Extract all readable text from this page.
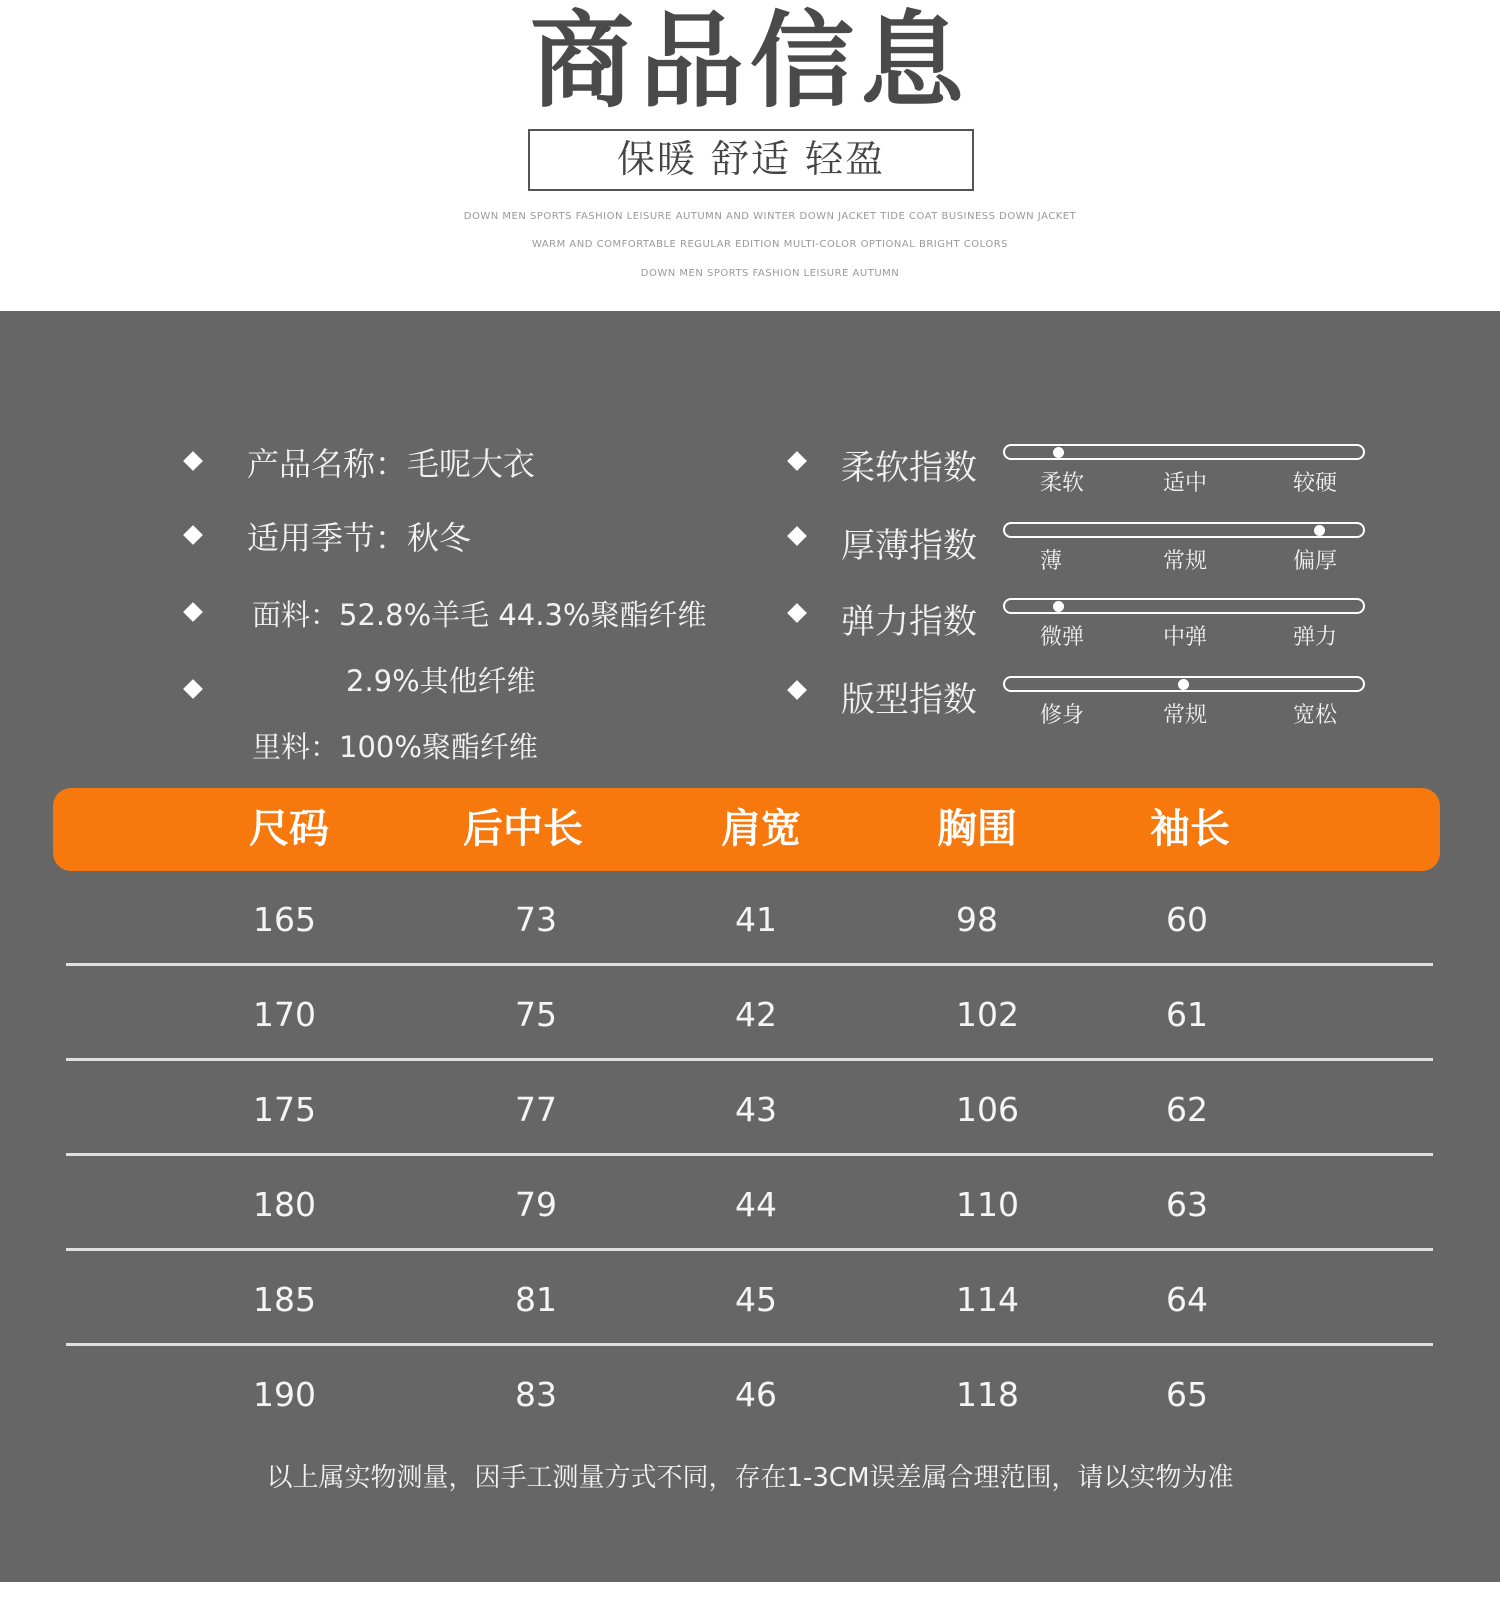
商品信息
保暖 舒适 轻盈
DOWN MEN SPORTS FASHION LEISURE AUTUMN AND WINTER DOWN JACKET TIDE COAT BUSINESS DOWN JACKET
WARM AND COMFORTABLE REGULAR EDITION MULTI-COLOR OPTIONAL BRIGHT COLORS
DOWN MEN SPORTS FASHION LEISURE AUTUMN
产品名称：毛呢大衣
适用季节：秋冬
面料：52.8%羊毛 44.3%聚酯纤维
2.9%其他纤维
里料：100%聚酯纤维
柔软指数	柔软	适中	较硬
厚薄指数	薄	常规	偏厚
弹力指数	微弹	中弹	弹力
版型指数	修身	常规	宽松
尺码	后中长	肩宽	胸围	袖长
165	73	41	98	60
170	75	42	102	61
175	77	43	106	62
180	79	44	110	63
185	81	45	114	64
190	83	46	118	65
以上属实物测量，因手工测量方式不同，存在1-3CM误差属合理范围，请以实物为准
